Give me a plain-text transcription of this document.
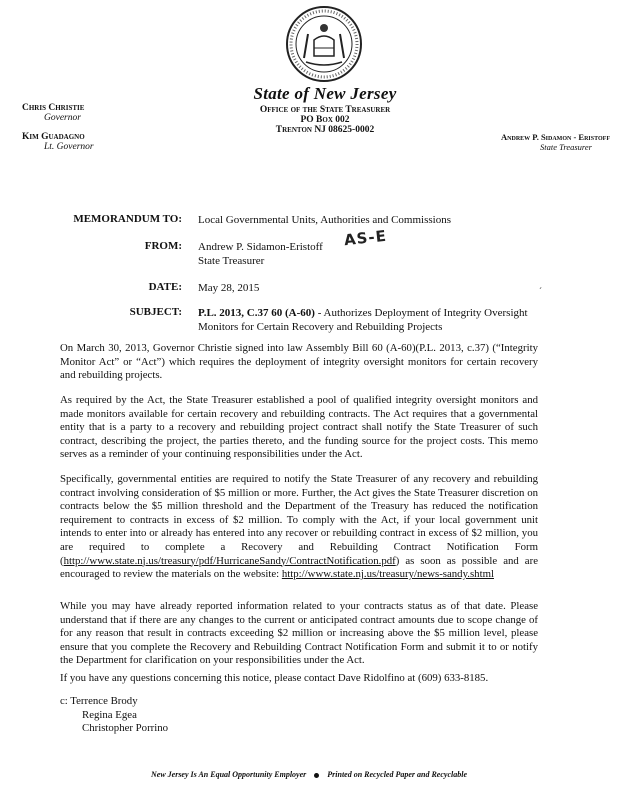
State of New Jersey
Office of the State Treasurer
PO Box 002
Trenton NJ 08625-0002
Chris Christie
Governor
Kim Guadagno
Lt. Governor
Andrew P. Sidamon - Eristoff
State Treasurer
MEMORANDUM TO: Local Governmental Units, Authorities and Commissions
FROM: Andrew P. Sidamon-Eristoff
State Treasurer
AS-E
DATE: May 28, 2015	´
SUBJECT: P.L. 2013, C.37 60 (A-60) - Authorizes Deployment of Integrity Oversight
Monitors for Certain Recovery and Rebuilding Projects
On March 30, 2013, Governor Christie signed into law Assembly Bill 60 (A-60)(P.L. 2013, c.37) (“Integrity Monitor Act” or “Act”) which requires the deployment of integrity oversight monitors for certain recovery and rebuilding projects.
As required by the Act, the State Treasurer established a pool of qualified integrity oversight monitors and made monitors available for certain recovery and rebuilding contracts. The Act requires that a governmental entity that is a party to a recovery and rebuilding project contract shall notify the State Treasurer of such contract, describing the project, the parties thereto, and the funding source for the project costs. This memo serves as a reminder of your continuing responsibilities under the Act.
Specifically, governmental entities are required to notify the State Treasurer of any recovery and rebuilding contract involving consideration of $5 million or more. Further, the Act gives the State Treasurer discretion on contracts below the $5 million threshold and the Department of the Treasury has reduced the notification requirement to contracts in excess of $2 million. To comply with the Act, if your local government unit intends to enter into or already has entered into any recover or rebuilding contract in excess of $2 million, you are required to complete a Recovery and Rebuilding Contract Notification Form (http://www.state.nj.us/treasury/pdf/HurricaneSandy/ContractNotification.pdf) as soon as possible and are encouraged to review the materials on the website: http://www.state.nj.us/treasury/news-sandy.shtml
While you may have already reported information related to your contracts status as of that date. Please understand that if there are any changes to the current or anticipated contract amounts due to scope change of for any reason that result in contracts exceeding $2 million or increasing above the $5 million level, please ensure that you complete the Recovery and Rebuilding Contract Notification Form and submit it to or notify the Department for clarification on your responsibilities under the Act.
If you have any questions concerning this notice, please contact Dave Ridolfino at (609) 633-8185.
c: Terrence Brody
Regina Egea
Christopher Porrino
New Jersey Is An Equal Opportunity Employer	Printed on Recycled Paper and Recyclable
